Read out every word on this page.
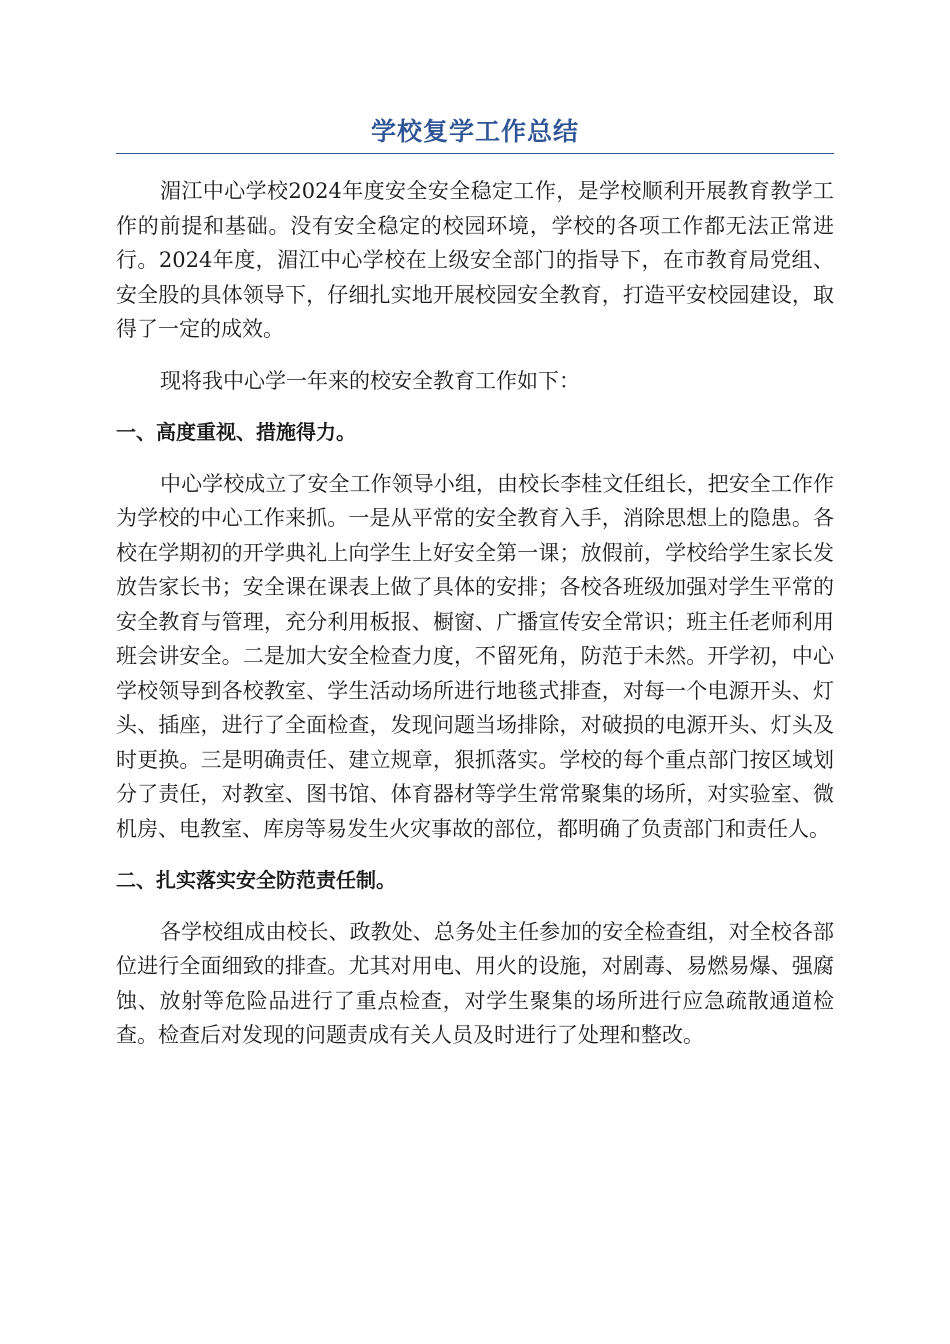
学校复学工作总结

湄江中心学校2024年度安全安全稳定工作，是学校顺利开展教育教学工作的前提和基础。没有安全稳定的校园环境，学校的各项工作都无法正常进行。2024年度，湄江中心学校在上级安全部门的指导下，在市教育局党组、安全股的具体领导下，仔细扎实地开展校园安全教育，打造平安校园建设，取得了一定的成效。

现将我中心学一年来的校安全教育工作如下：

一、高度重视、措施得力。

中心学校成立了安全工作领导小组，由校长李桂文任组长，把安全工作作为学校的中心工作来抓。一是从平常的安全教育入手，消除思想上的隐患。各校在学期初的开学典礼上向学生上好安全第一课；放假前，学校给学生家长发放告家长书；安全课在课表上做了具体的安排；各校各班级加强对学生平常的安全教育与管理，充分利用板报、橱窗、广播宣传安全常识；班主任老师利用班会讲安全。二是加大安全检查力度，不留死角，防范于未然。开学初，中心学校领导到各校教室、学生活动场所进行地毯式排查，对每一个电源开头、灯头、插座，进行了全面检查，发现问题当场排除，对破损的电源开头、灯头及时更换。三是明确责任、建立规章，狠抓落实。学校的每个重点部门按区域划分了责任，对教室、图书馆、体育器材等学生常常聚集的场所，对实验室、微机房、电教室、库房等易发生火灾事故的部位，都明确了负责部门和责任人。

二、扎实落实安全防范责任制。

各学校组成由校长、政教处、总务处主任参加的安全检查组，对全校各部位进行全面细致的排查。尤其对用电、用火的设施，对剧毒、易燃易爆、强腐蚀、放射等危险品进行了重点检查，对学生聚集的场所进行应急疏散通道检查。检查后对发现的问题责成有关人员及时进行了处理和整改。
